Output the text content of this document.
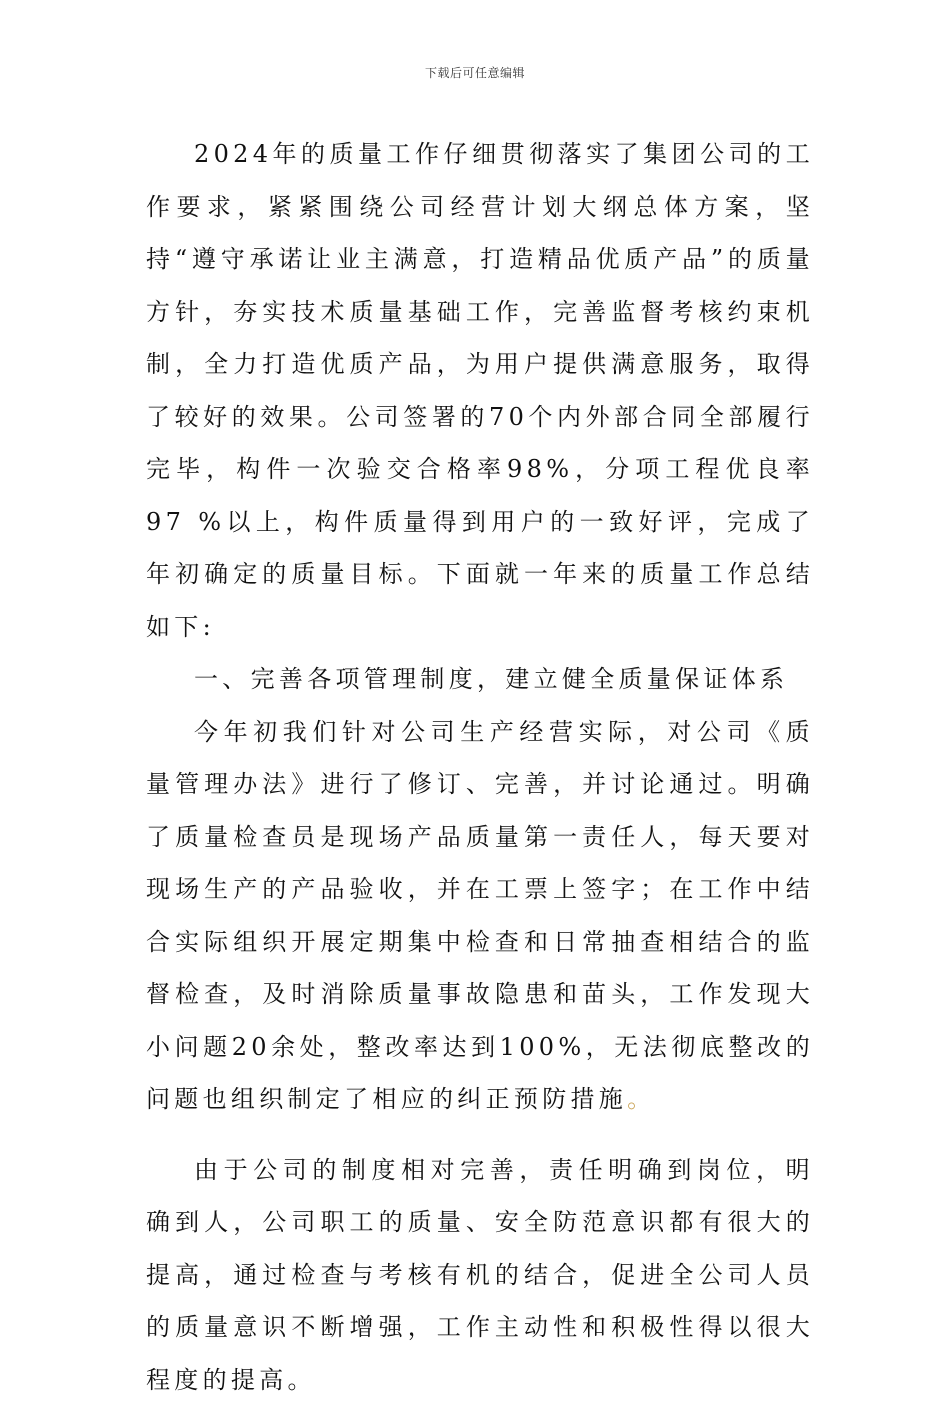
下载后可任意编辑

2024年的质量工作仔细贯彻落实了集团公司的工作要求，紧紧围绕公司经营计划大纲总体方案，坚持“遵守承诺让业主满意，打造精品优质产品”的质量方针，夯实技术质量基础工作，完善监督考核约束机制，全力打造优质产品，为用户提供满意服务，取得了较好的效果。公司签署的70个内外部合同全部履行完毕，构件一次验交合格率98%，分项工程优良率97 %以上，构件质量得到用户的一致好评，完成了年初确定的质量目标。下面就一年来的质量工作总结如下:

一、完善各项管理制度，建立健全质量保证体系

今年初我们针对公司生产经营实际，对公司《质量管理办法》进行了修订、完善，并讨论通过。明确了质量检查员是现场产品质量第一责任人，每天要对现场生产的产品验收，并在工票上签字；在工作中结合实际组织开展定期集中检查和日常抽查相结合的监督检查，及时消除质量事故隐患和苗头，工作发现大小问题20余处，整改率达到100%，无法彻底整改的问题也组织制定了相应的纠正预防措施。

由于公司的制度相对完善，责任明确到岗位，明确到人，公司职工的质量、安全防范意识都有很大的提高，通过检查与考核有机的结合，促进全公司人员的质量意识不断增强，工作主动性和积极性得以很大程度的提高。
